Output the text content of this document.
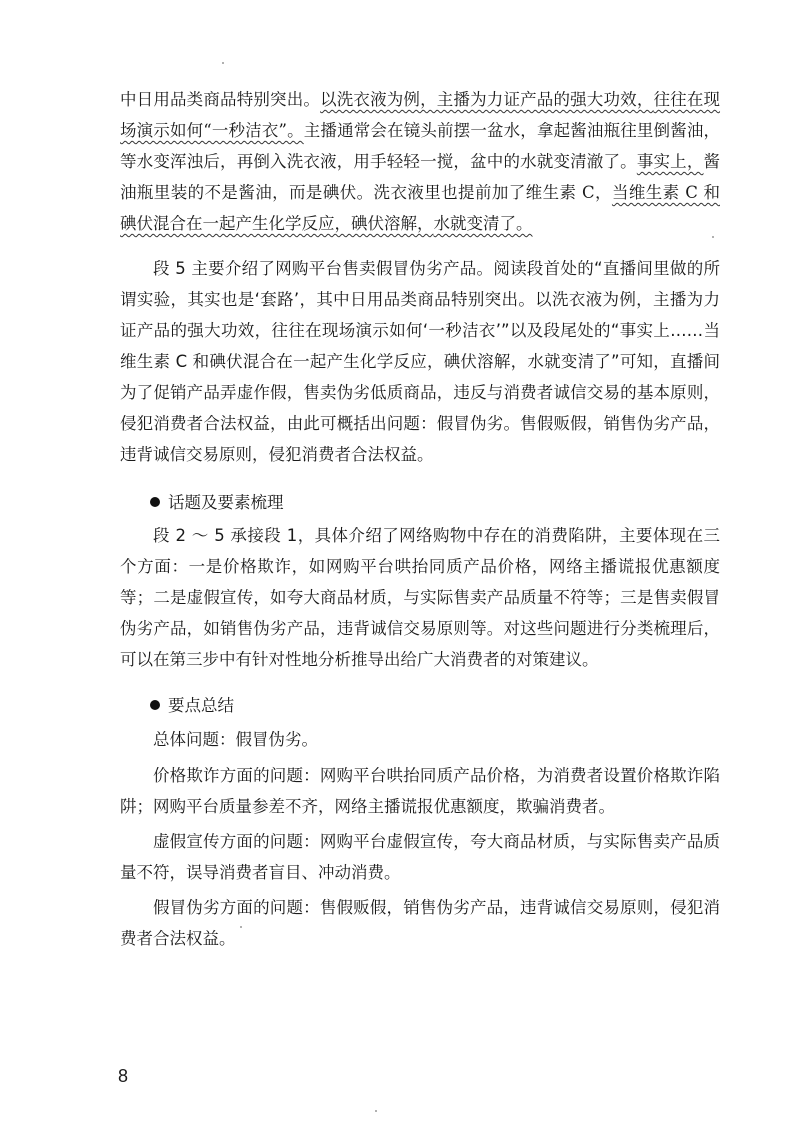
中日用品类商品特别突出。以洗衣液为例，主播为力证产品的强大功效，往往在现场演示如何“一秒洁衣”。主播通常会在镜头前摆一盆水，拿起酱油瓶往里倒酱油，等水变浑浊后，再倒入洗衣液，用手轻轻一搅，盆中的水就变清澈了。事实上，酱油瓶里装的不是酱油，而是碘伏。洗衣液里也提前加了维生素 C，当维生素 C 和碘伏混合在一起产生化学反应，碘伏溶解，水就变清了。

段 5 主要介绍了网购平台售卖假冒伪劣产品。阅读段首处的“直播间里做的所谓实验，其实也是‘套路’，其中日用品类商品特别突出。以洗衣液为例，主播为力证产品的强大功效，往往在现场演示如何‘一秒洁衣’”以及段尾处的“事实上……当维生素 C 和碘伏混合在一起产生化学反应，碘伏溶解，水就变清了”可知，直播间为了促销产品弄虚作假，售卖伪劣低质商品，违反与消费者诚信交易的基本原则，侵犯消费者合法权益，由此可概括出问题：假冒伪劣。售假贩假，销售伪劣产品，违背诚信交易原则，侵犯消费者合法权益。

话题及要素梳理

段 2 ～ 5 承接段 1，具体介绍了网络购物中存在的消费陷阱，主要体现在三个方面：一是价格欺诈，如网购平台哄抬同质产品价格，网络主播谎报优惠额度等；二是虚假宣传，如夸大商品材质，与实际售卖产品质量不符等；三是售卖假冒伪劣产品，如销售伪劣产品，违背诚信交易原则等。对这些问题进行分类梳理后，可以在第三步中有针对性地分析推导出给广大消费者的对策建议。

要点总结

总体问题：假冒伪劣。

价格欺诈方面的问题：网购平台哄抬同质产品价格，为消费者设置价格欺诈陷阱；网购平台质量参差不齐，网络主播谎报优惠额度，欺骗消费者。

虚假宣传方面的问题：网购平台虚假宣传，夸大商品材质，与实际售卖产品质量不符，误导消费者盲目、冲动消费。

假冒伪劣方面的问题：售假贩假，销售伪劣产品，违背诚信交易原则，侵犯消费者合法权益。

8
